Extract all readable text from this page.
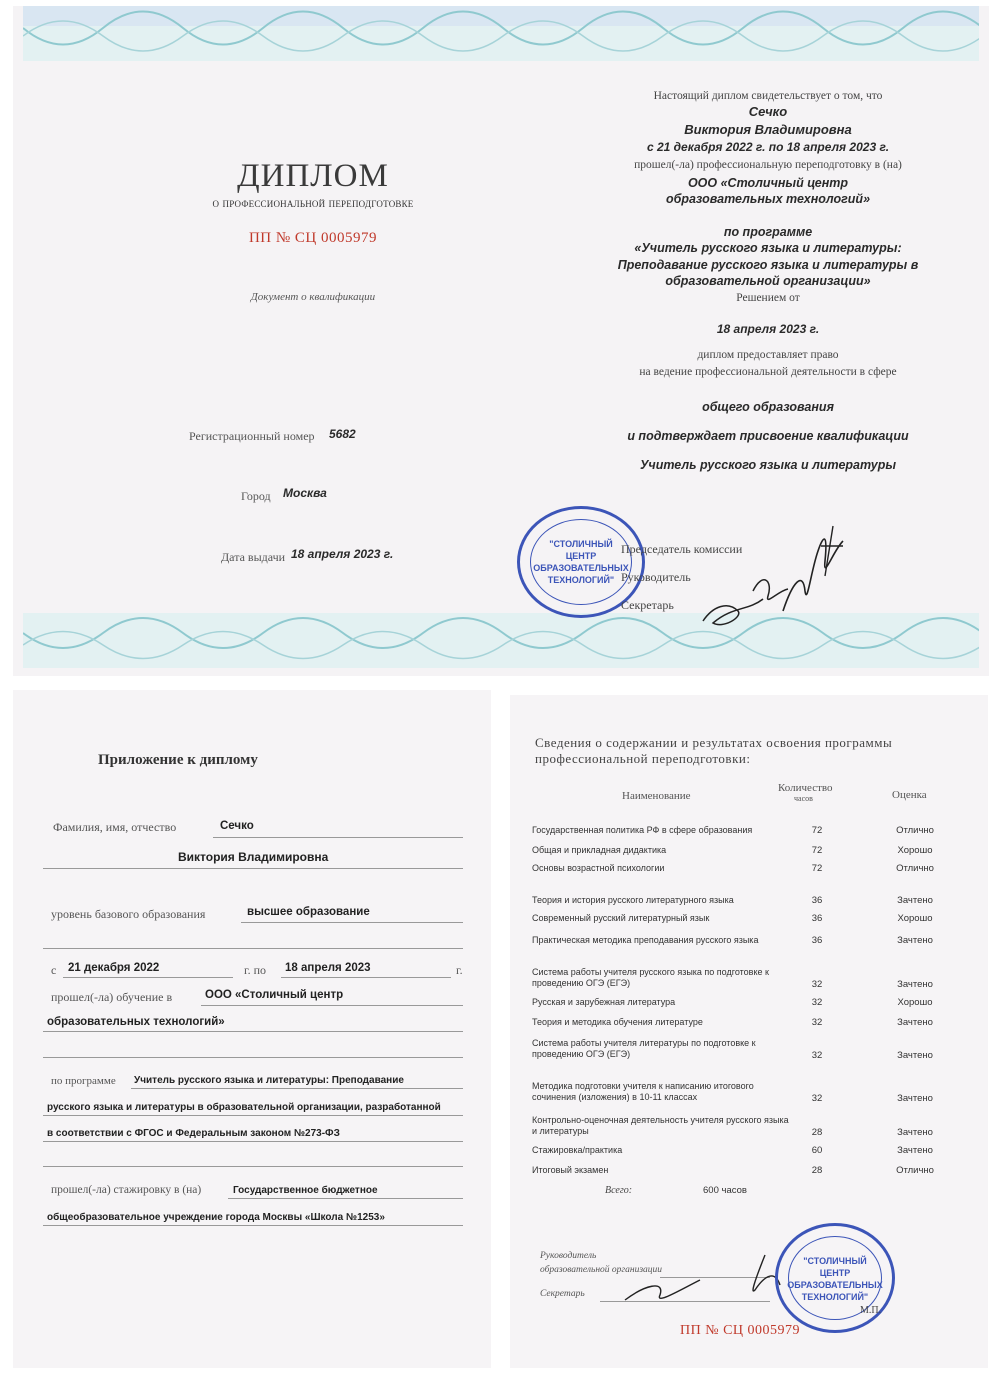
ДИПЛОМ
о профессиональной переподготовке
ПП № СЦ 0005979
Документ о квалификации
Регистрационный номер 5682
Город Москва
Дата выдачи 18 апреля 2023 г.
Настоящий диплом свидетельствует о том, что
Сечко
Виктория Владимировна
с 21 декабря 2022 г. по 18 апреля 2023 г.
прошел(-ла) профессиональную переподготовку в (на)
ООО «Столичный центр
образовательных технологий»
по программе
«Учитель русского языка и литературы:
Преподавание русского языка и литературы в
образовательной организации»
Решением от
18 апреля 2023 г.
диплом предоставляет право
на ведение профессиональной деятельности в сфере
общего образования
и подтверждает присвоение квалификации
Учитель русского языка и литературы
"СТОЛИЧНЫЙ
ЦЕНТР
ОБРАЗОВАТЕЛЬНЫХ
ТЕХНОЛОГИЙ"
Председатель комиссии
Руководитель
Секретарь
Приложение к диплому
Фамилия, имя, отчество	Сечко
Виктория Владимировна
уровень базового образования	высшее образование
с 21 декабря 2022	г. по 18 апреля 2023	г.
прошел(-ла) обучение в	ООО «Столичный центр
образовательных технологий»
по программе Учитель русского языка и литературы: Преподавание
русского языка и литературы в образовательной организации, разработанной
в соответствии с ФГОС и Федеральным законом №273-ФЗ
прошел(-ла) стажировку в (на)	Государственное бюджетное
общеобразовательное учреждение города Москвы «Школа №1253»
Сведения о содержании и результатах освоения программы
профессиональной переподготовки:
Наименование
Количество
часов	Оценка
Государственная политика РФ в сфере образования	72	Отлично
Общая и прикладная дидактика	72	Хорошо
Основы возрастной психологии	72	Отлично
Теория и история русского литературного языка	36	Зачтено
Современный русский литературный язык	36	Хорошо
Практическая методика преподавания русского языка	36	Зачтено
Система работы учителя русского языка по подготовке к проведению ОГЭ (ЕГЭ)	32	Зачтено
Русская и зарубежная литература	32	Хорошо
Теория и методика обучения литературе	32	Зачтено
Система работы учителя литературы по подготовке к проведению ОГЭ (ЕГЭ)	32	Зачтено
Методика подготовки учителя к написанию итогового сочинения (изложения) в 10-11 классах	32	Зачтено
Контрольно-оценочная деятельность учителя русского языка и литературы	28	Зачтено
Стажировка/практика	60	Зачтено
Итоговый экзамен	28	Отлично
Всего:	600 часов
Руководитель
образовательной организации
Секретарь
"СТОЛИЧНЫЙ
ЦЕНТР
ОБРАЗОВАТЕЛЬНЫХ
ТЕХНОЛОГИЙ"
М.П.
ПП № СЦ 0005979
